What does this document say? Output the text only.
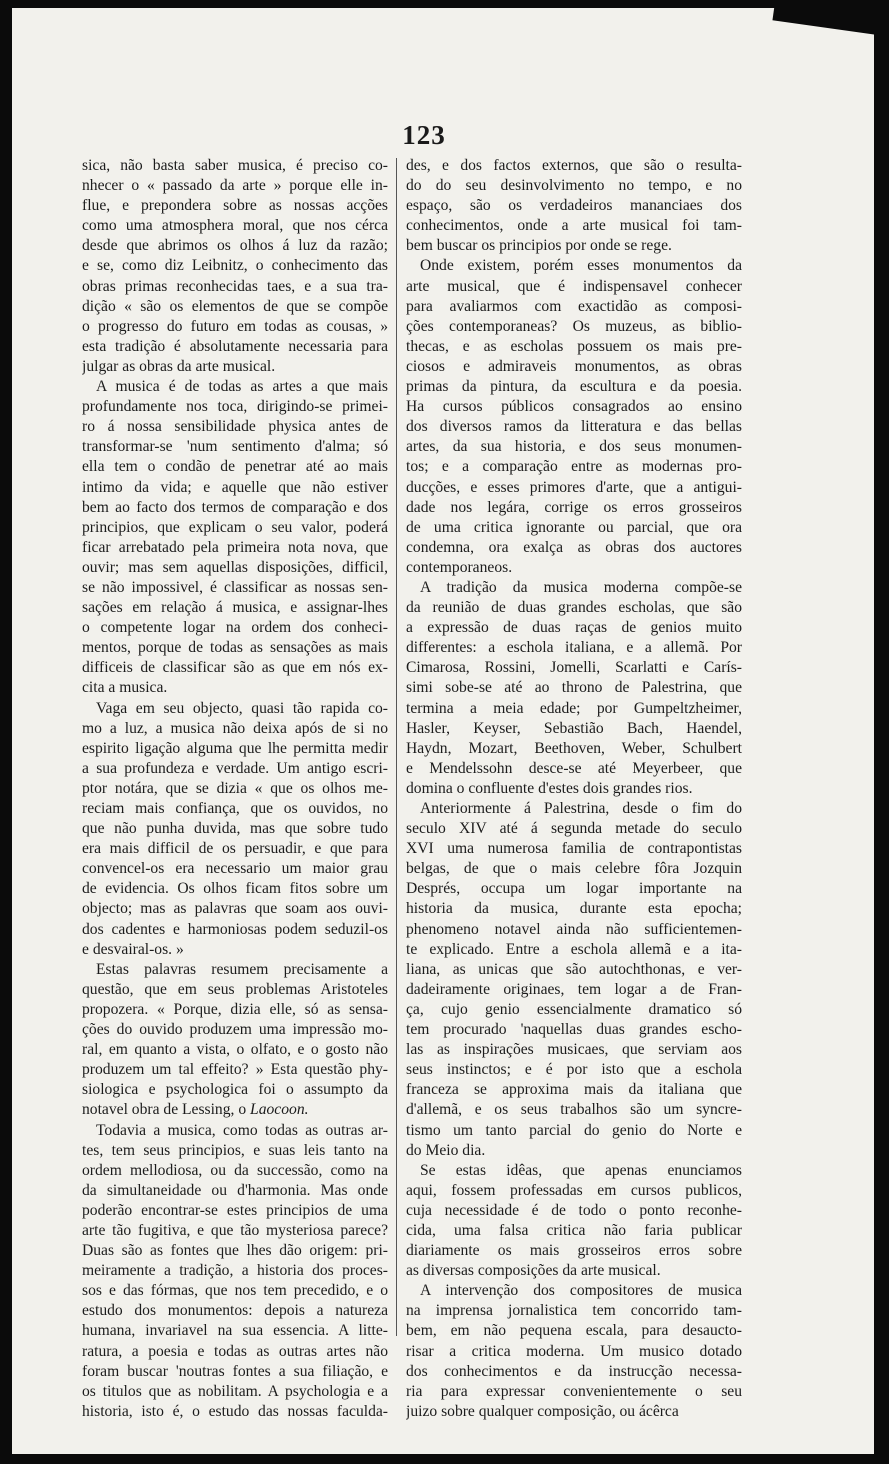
123
sica, não basta saber musica, é preciso co-
nhecer o « passado da arte » porque elle in-
flue, e prepondera sobre as nossas acções
como uma atmosphera moral, que nos cérca
desde que abrimos os olhos á luz da razão;
e se, como diz Leibnitz, o conhecimento das
obras primas reconhecidas taes, e a sua tra-
dição « são os elementos de que se compõe
o progresso do futuro em todas as cousas, »
esta tradição é absolutamente necessaria para
julgar as obras da arte musical.
A musica é de todas as artes a que mais
profundamente nos toca, dirigindo-se primei-
ro á nossa sensibilidade physica antes de
transformar-se 'num sentimento d'alma; só
ella tem o condão de penetrar até ao mais
intimo da vida; e aquelle que não estiver
bem ao facto dos termos de comparação e dos
principios, que explicam o seu valor, poderá
ficar arrebatado pela primeira nota nova, que
ouvir; mas sem aquellas disposições, difficil,
se não impossivel, é classificar as nossas sen-
sações em relação á musica, e assignar-lhes
o competente logar na ordem dos conheci-
mentos, porque de todas as sensações as mais
difficeis de classificar são as que em nós ex-
cita a musica.
Vaga em seu objecto, quasi tão rapida co-
mo a luz, a musica não deixa após de si no
espirito ligação alguma que lhe permitta medir
a sua profundeza e verdade. Um antigo escri-
ptor notára, que se dizia « que os olhos me-
reciam mais confiança, que os ouvidos, no
que não punha duvida, mas que sobre tudo
era mais difficil de os persuadir, e que para
convencel-os era necessario um maior grau
de evidencia. Os olhos ficam fitos sobre um
objecto; mas as palavras que soam aos ouvi-
dos cadentes e harmoniosas podem seduzil-os
e desvairal-os. »
Estas palavras resumem precisamente a
questão, que em seus problemas Aristoteles
propozera. « Porque, dizia elle, só as sensa-
ções do ouvido produzem uma impressão mo-
ral, em quanto a vista, o olfato, e o gosto não
produzem um tal effeito? » Esta questão phy-
siologica e psychologica foi o assumpto da
notavel obra de Lessing, o Laocoon.
Todavia a musica, como todas as outras ar-
tes, tem seus principios, e suas leis tanto na
ordem mellodiosa, ou da successão, como na
da simultaneidade ou d'harmonia. Mas onde
poderão encontrar-se estes principios de uma
arte tão fugitiva, e que tão mysteriosa parece?
Duas são as fontes que lhes dão origem: pri-
meiramente a tradição, a historia dos proces-
sos e das fórmas, que nos tem precedido, e o
estudo dos monumentos: depois a natureza
humana, invariavel na sua essencia. A litte-
ratura, a poesia e todas as outras artes não
foram buscar 'noutras fontes a sua filiação, e
os titulos que as nobilitam. A psychologia e a
historia, isto é, o estudo das nossas faculda-
des, e dos factos externos, que são o resulta-
do do seu desinvolvimento no tempo, e no
espaço, são os verdadeiros mananciaes dos
conhecimentos, onde a arte musical foi tam-
bem buscar os principios por onde se rege.
Onde existem, porém esses monumentos da
arte musical, que é indispensavel conhecer
para avaliarmos com exactidão as composi-
ções contemporaneas? Os muzeus, as biblio-
thecas, e as escholas possuem os mais pre-
ciosos e admiraveis monumentos, as obras
primas da pintura, da escultura e da poesia.
Ha cursos públicos consagrados ao ensino
dos diversos ramos da litteratura e das bellas
artes, da sua historia, e dos seus monumen-
tos; e a comparação entre as modernas pro-
ducções, e esses primores d'arte, que a antigui-
dade nos legára, corrige os erros grosseiros
de uma critica ignorante ou parcial, que ora
condemna, ora exalça as obras dos auctores
contemporaneos.
A tradição da musica moderna compõe-se
da reunião de duas grandes escholas, que são
a expressão de duas raças de genios muito
differentes: a eschola italiana, e a allemã. Por
Cimarosa, Rossini, Jomelli, Scarlatti e Carís-
simi sobe-se até ao throno de Palestrina, que
termina a meia edade; por Gumpeltzheimer,
Hasler, Keyser, Sebastião Bach, Haendel,
Haydn, Mozart, Beethoven, Weber, Schulbert
e Mendelssohn desce-se até Meyerbeer, que
domina o confluente d'estes dois grandes rios.
Anteriormente á Palestrina, desde o fim do
seculo XIV até á segunda metade do seculo
XVI uma numerosa familia de contrapontistas
belgas, de que o mais celebre fôra Jozquin
Després, occupa um logar importante na
historia da musica, durante esta epocha;
phenomeno notavel ainda não sufficientemen-
te explicado. Entre a eschola allemã e a ita-
liana, as unicas que são autochthonas, e ver-
dadeiramente originaes, tem logar a de Fran-
ça, cujo genio essencialmente dramatico só
tem procurado 'naquellas duas grandes escho-
las as inspirações musicaes, que serviam aos
seus instinctos; e é por isto que a eschola
franceza se approxima mais da italiana que
d'allemã, e os seus trabalhos são um syncre-
tismo um tanto parcial do genio do Norte e
do Meio dia.
Se estas idêas, que apenas enunciamos
aqui, fossem professadas em cursos publicos,
cuja necessidade é de todo o ponto reconhe-
cida, uma falsa critica não faria publicar
diariamente os mais grosseiros erros sobre
as diversas composições da arte musical.
A intervenção dos compositores de musica
na imprensa jornalistica tem concorrido tam-
bem, em não pequena escala, para desaucto-
risar a critica moderna. Um musico dotado
dos conhecimentos e da instrucção necessa-
ria para expressar convenientemente o seu
juizo sobre qualquer composição, ou ácêrca
